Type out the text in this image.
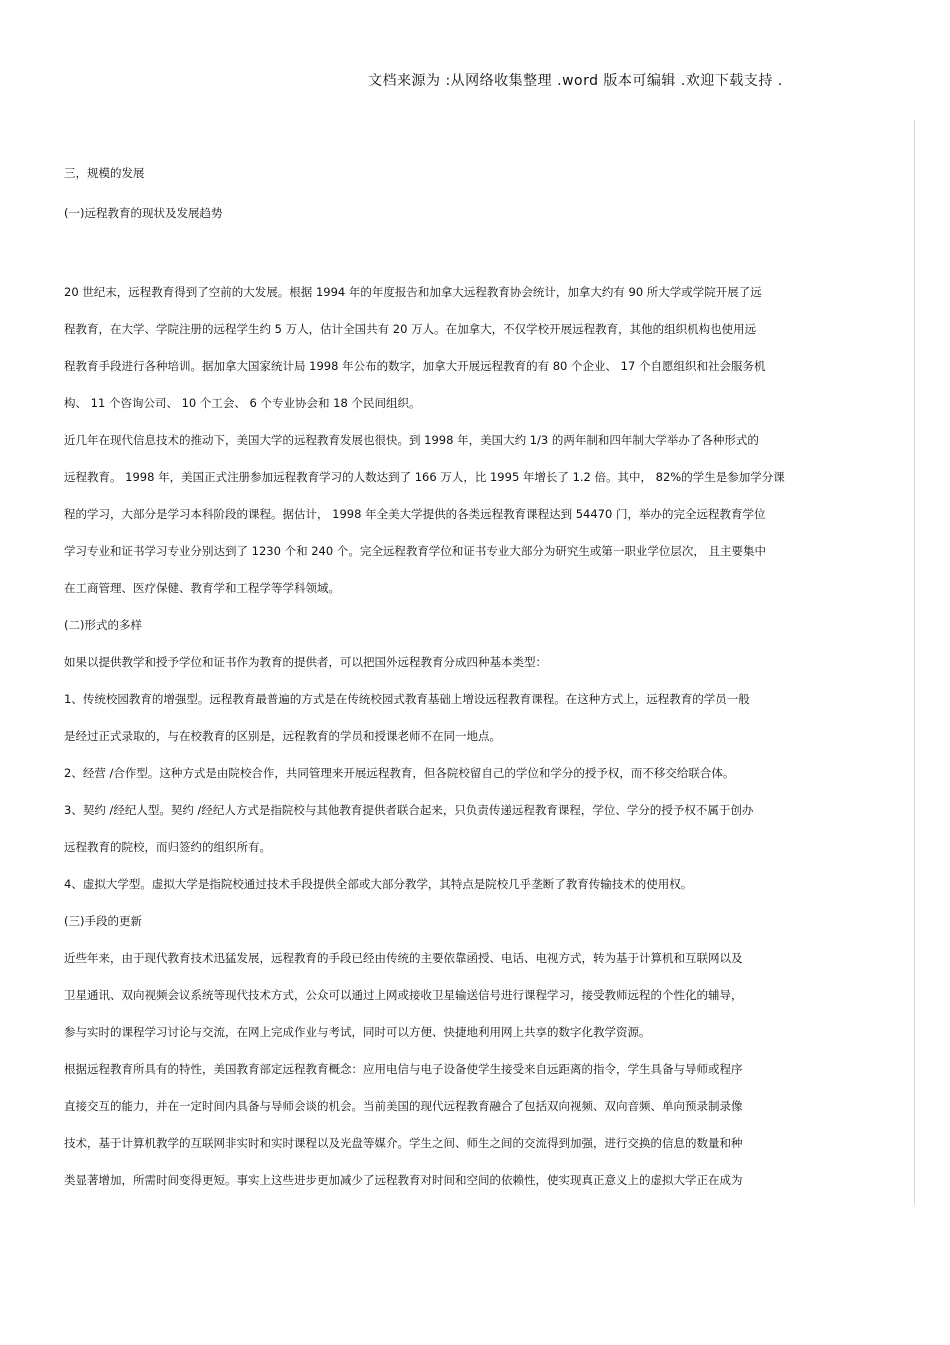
文档来源为 :从网络收集整理 .word 版本可编辑 .欢迎下载支持 .
三，规模的发展
(一)远程教育的现状及发展趋势
20 世纪末，远程教育得到了空前的大发展。根据 1994 年的年度报告和加拿大远程教育协会统计，加拿大约有 90 所大学或学院开展了远
程教育，在大学、学院注册的远程学生约 5 万人，估计全国共有 20 万人。在加拿大，不仅学校开展远程教育，其他的组织机构也使用远
程教育手段进行各种培训。据加拿大国家统计局 1998 年公布的数字，加拿大开展远程教育的有 80 个企业、 17 个自愿组织和社会服务机
构、 11 个咨询公司、 10 个工会、 6 个专业协会和 18 个民间组织。
近几年在现代信息技术的推动下，美国大学的远程教育发展也很快。到 1998 年，美国大约 1/3 的两年制和四年制大学举办了各种形式的
远程教育。 1998 年，美国正式注册参加远程教育学习的人数达到了 166 万人，比 1995 年增长了 1.2 倍。其中， 82%的学生是参加学分课
程的学习，大部分是学习本科阶段的课程。据估计， 1998 年全美大学提供的各类远程教育课程达到 54470 门，举办的完全远程教育学位
学习专业和证书学习专业分别达到了 1230 个和 240 个。完全远程教育学位和证书专业大部分为研究生或第一职业学位层次， 且主要集中
在工商管理、医疗保健、教育学和工程学等学科领域。
(二)形式的多样
如果以提供教学和授予学位和证书作为教育的提供者，可以把国外远程教育分成四种基本类型：
1、传统校园教育的增强型。远程教育最普遍的方式是在传统校园式教育基础上增设远程教育课程。在这种方式上，远程教育的学员一般
是经过正式录取的，与在校教育的区别是，远程教育的学员和授课老师不在同一地点。
2、经营 /合作型。这种方式是由院校合作，共同管理来开展远程教育，但各院校留自己的学位和学分的授予权，而不移交给联合体。
3、契约 /经纪人型。契约 /经纪人方式是指院校与其他教育提供者联合起来，只负责传递远程教育课程，学位、学分的授予权不属于创办
远程教育的院校，而归签约的组织所有。
4、虚拟大学型。虚拟大学是指院校通过技术手段提供全部或大部分教学，其特点是院校几乎垄断了教育传输技术的使用权。
(三)手段的更新
近些年来，由于现代教育技术迅猛发展，远程教育的手段已经由传统的主要依靠函授、电话、电视方式，转为基于计算机和互联网以及
卫星通讯、双向视频会议系统等现代技术方式，公众可以通过上网或接收卫星输送信号进行课程学习，接受教师远程的个性化的辅导，
参与实时的课程学习讨论与交流，在网上完成作业与考试，同时可以方便、快捷地利用网上共享的数字化教学资源。
根据远程教育所具有的特性，美国教育部定远程教育概念：应用电信与电子设备使学生接受来自远距离的指令，学生具备与导师或程序
直接交互的能力，并在一定时间内具备与导师会谈的机会。当前美国的现代远程教育融合了包括双向视频、双向音频、单向预录制录像
技术，基于计算机教学的互联网非实时和实时课程以及光盘等媒介。学生之间、师生之间的交流得到加强，进行交换的信息的数量和种
类显著增加，所需时间变得更短。事实上这些进步更加减少了远程教育对时间和空间的依赖性，使实现真正意义上的虚拟大学正在成为
